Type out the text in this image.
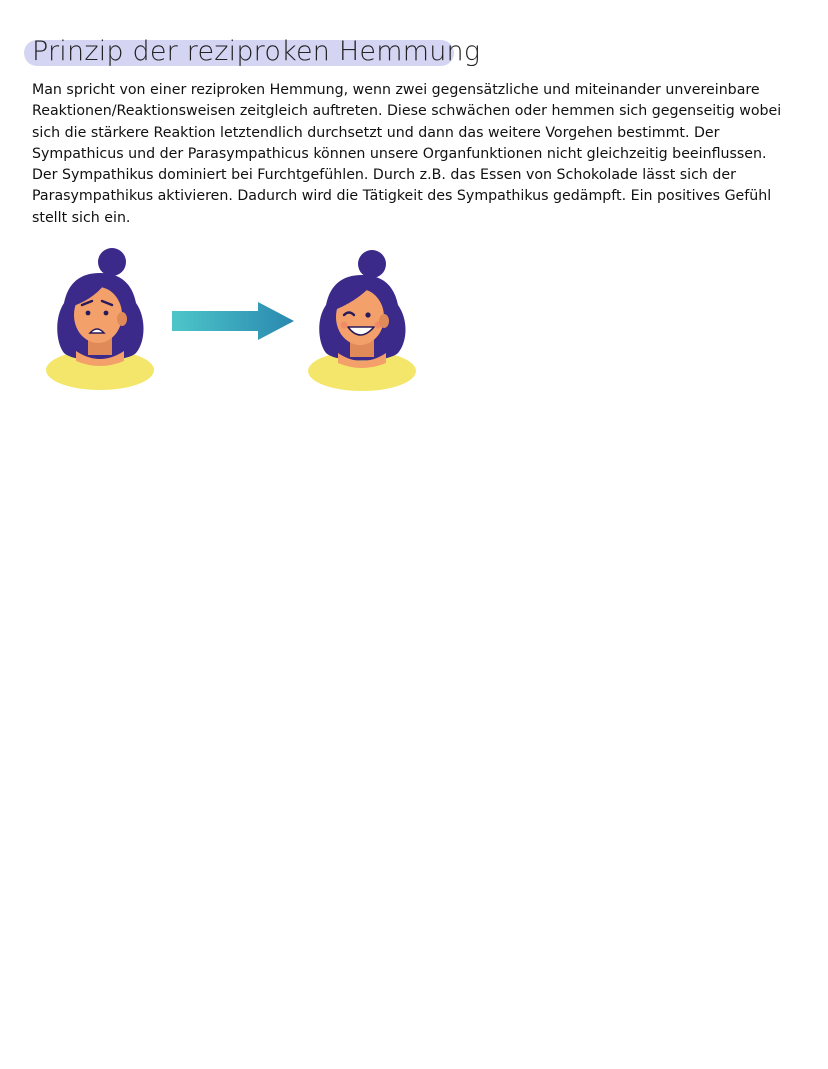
Prinzip der reziproken Hemmung

Man spricht von einer reziproken Hemmung, wenn zwei gegensätzliche und miteinander unvereinbare
Reaktionen/Reaktionsweisen zeitgleich auftreten. Diese schwächen oder hemmen sich gegenseitig wobei
sich die stärkere Reaktion letztendlich durchsetzt und dann das weitere Vorgehen bestimmt. Der
Sympathicus und der Parasympathicus können unsere Organfunktionen nicht gleichzeitig beeinflussen.
Der Sympathikus dominiert bei Furchtgefühlen. Durch z.B. das Essen von Schokolade lässt sich der
Parasympathikus aktivieren. Dadurch wird die Tätigkeit des Sympathikus gedämpft. Ein positives Gefühl
stellt sich ein.
